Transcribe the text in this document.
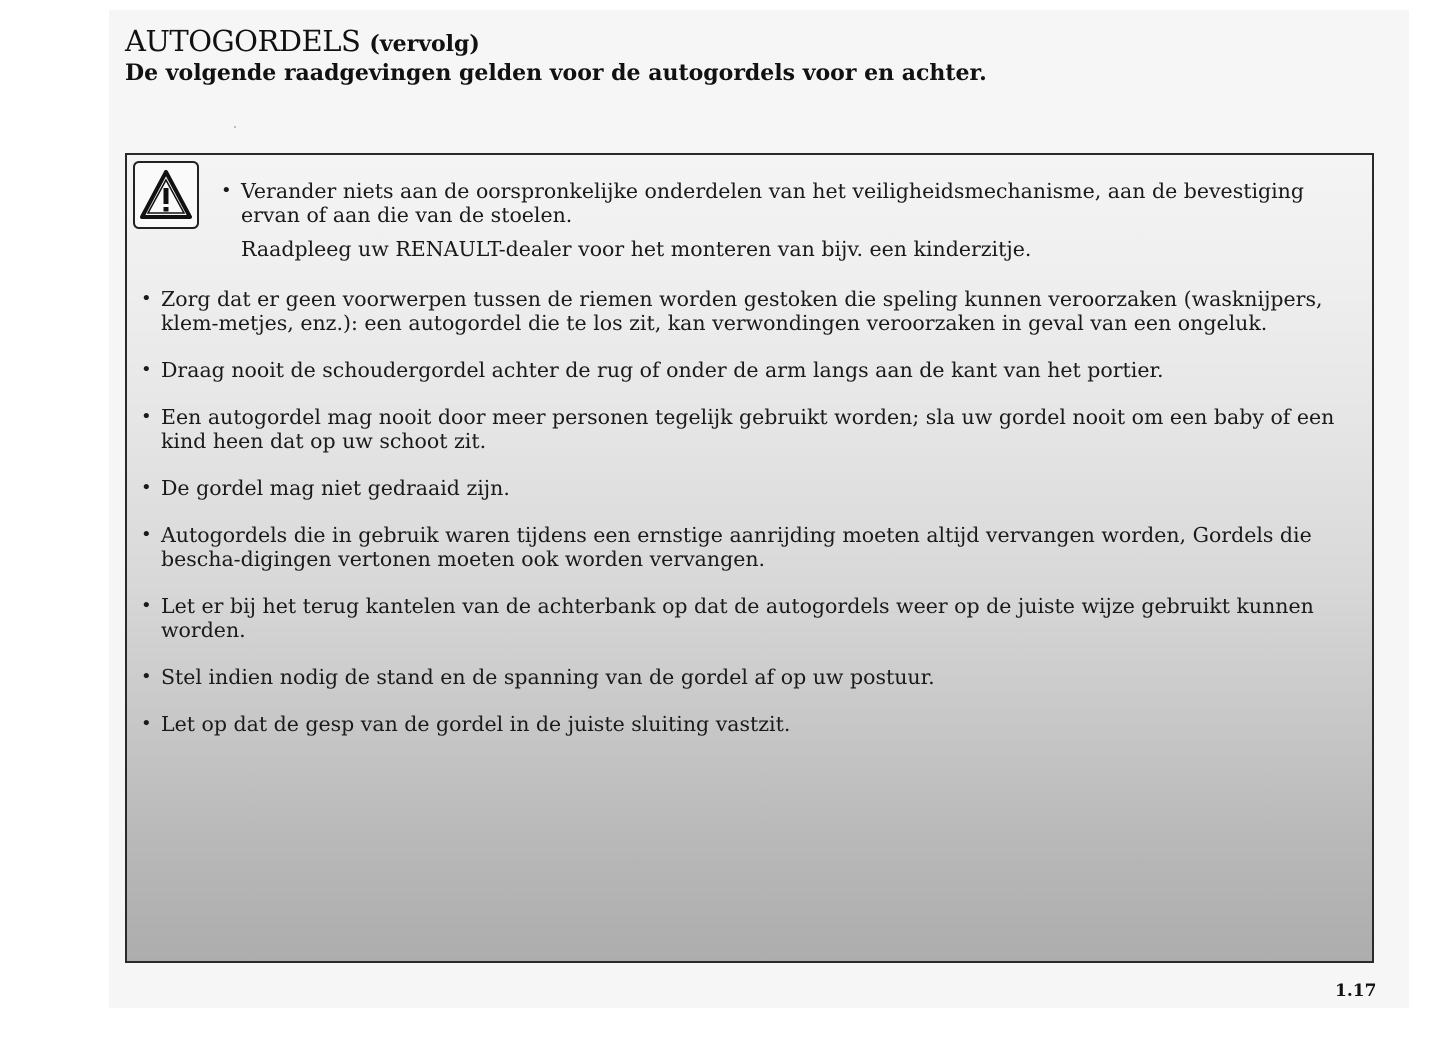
AUTOGORDELS (vervolg)
De volgende raadgevingen gelden voor de autogordels voor en achter.
• Verander niets aan de oorspronkelijke onderdelen van het veiligheidsmechanisme, aan de bevestiging ervan of aan die van de stoelen.
Raadpleeg uw RENAULT-dealer voor het monteren van bijv. een kinderzitje.
• Zorg dat er geen voorwerpen tussen de riemen worden gestoken die speling kunnen veroorzaken (wasknijpers, klem-metjes, enz.): een autogordel die te los zit, kan verwondingen veroorzaken in geval van een ongeluk.
• Draag nooit de schoudergordel achter de rug of onder de arm langs aan de kant van het portier.
• Een autogordel mag nooit door meer personen tegelijk gebruikt worden; sla uw gordel nooit om een baby of een kind heen dat op uw schoot zit.
• De gordel mag niet gedraaid zijn.
• Autogordels die in gebruik waren tijdens een ernstige aanrijding moeten altijd vervangen worden, Gordels die bescha-digingen vertonen moeten ook worden vervangen.
• Let er bij het terug kantelen van de achterbank op dat de autogordels weer op de juiste wijze gebruikt kunnen worden.
• Stel indien nodig de stand en de spanning van de gordel af op uw postuur.
• Let op dat de gesp van de gordel in de juiste sluiting vastzit.
1.17
